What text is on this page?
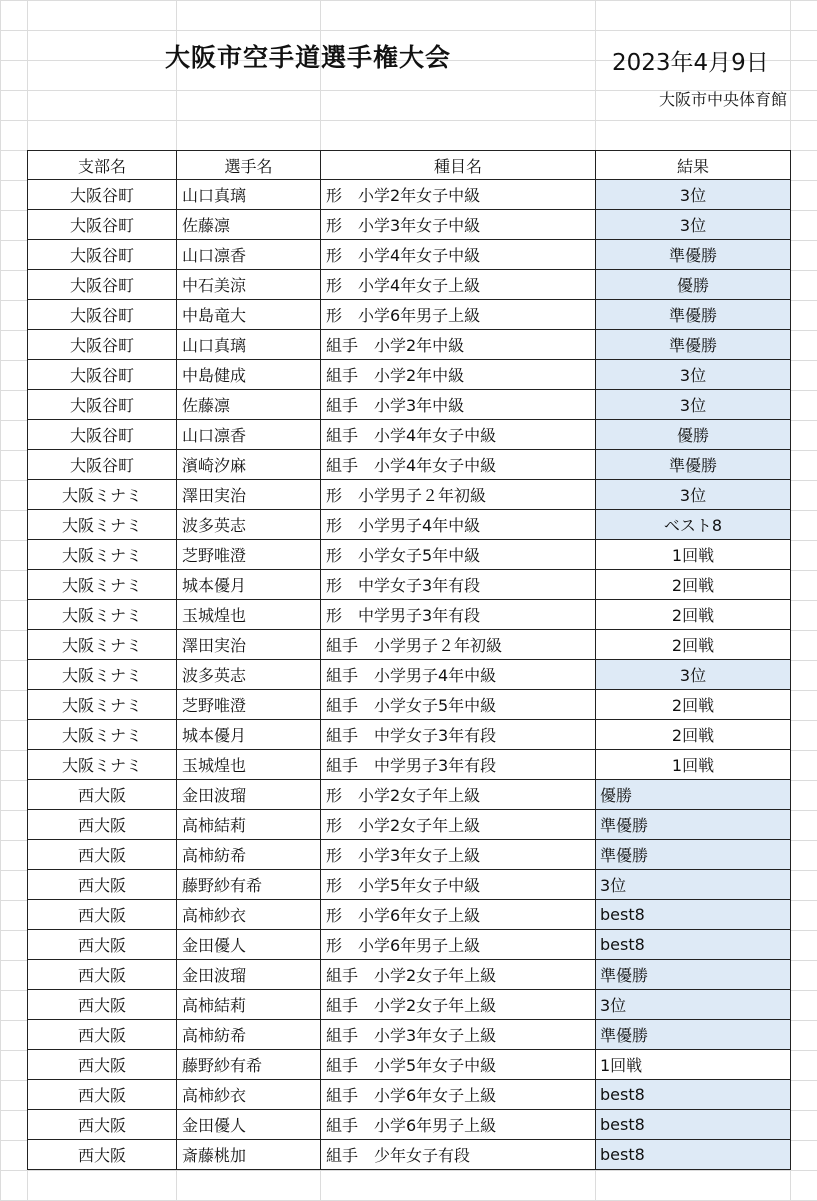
大阪市空手道選手権大会	2023年4月9日
大阪市中央体育館
支部名	選手名	種目名	結果
大阪谷町	山口真璃	形　小学2年女子中級	3位
大阪谷町	佐藤凛	形　小学3年女子中級	3位
大阪谷町	山口凛香	形　小学4年女子中級	準優勝
大阪谷町	中石美涼	形　小学4年女子上級	優勝
大阪谷町	中島竜大	形　小学6年男子上級	準優勝
大阪谷町	山口真璃	組手　小学2年中級	準優勝
大阪谷町	中島健成	組手　小学2年中級	3位
大阪谷町	佐藤凛	組手　小学3年中級	3位
大阪谷町	山口凛香	組手　小学4年女子中級	優勝
大阪谷町	濱崎汐麻	組手　小学4年女子中級	準優勝
大阪ミナミ	澤田実治	形　小学男子２年初級	3位
大阪ミナミ	波多英志	形　小学男子4年中級	ベスト8
大阪ミナミ	芝野唯澄	形　小学女子5年中級	1回戦
大阪ミナミ	城本優月	形　中学女子3年有段	2回戦
大阪ミナミ	玉城煌也	形　中学男子3年有段	2回戦
大阪ミナミ	澤田実治	組手　小学男子２年初級	2回戦
大阪ミナミ	波多英志	組手　小学男子4年中級	3位
大阪ミナミ	芝野唯澄	組手　小学女子5年中級	2回戦
大阪ミナミ	城本優月	組手　中学女子3年有段	2回戦
大阪ミナミ	玉城煌也	組手　中学男子3年有段	1回戦
西大阪	金田波瑠	形　小学2女子年上級	優勝
西大阪	高柿結莉	形　小学2女子年上級	準優勝
西大阪	高柿紡希	形　小学3年女子上級	準優勝
西大阪	藤野紗有希	形　小学5年女子中級	3位
西大阪	高柿紗衣	形　小学6年女子上級	best8
西大阪	金田優人	形　小学6年男子上級	best8
西大阪	金田波瑠	組手　小学2女子年上級	準優勝
西大阪	高柿結莉	組手　小学2女子年上級	3位
西大阪	高柿紡希	組手　小学3年女子上級	準優勝
西大阪	藤野紗有希	組手　小学5年女子中級	1回戦
西大阪	高柿紗衣	組手　小学6年女子上級	best8
西大阪	金田優人	組手　小学6年男子上級	best8
西大阪	斎藤桃加	組手　少年女子有段	best8
